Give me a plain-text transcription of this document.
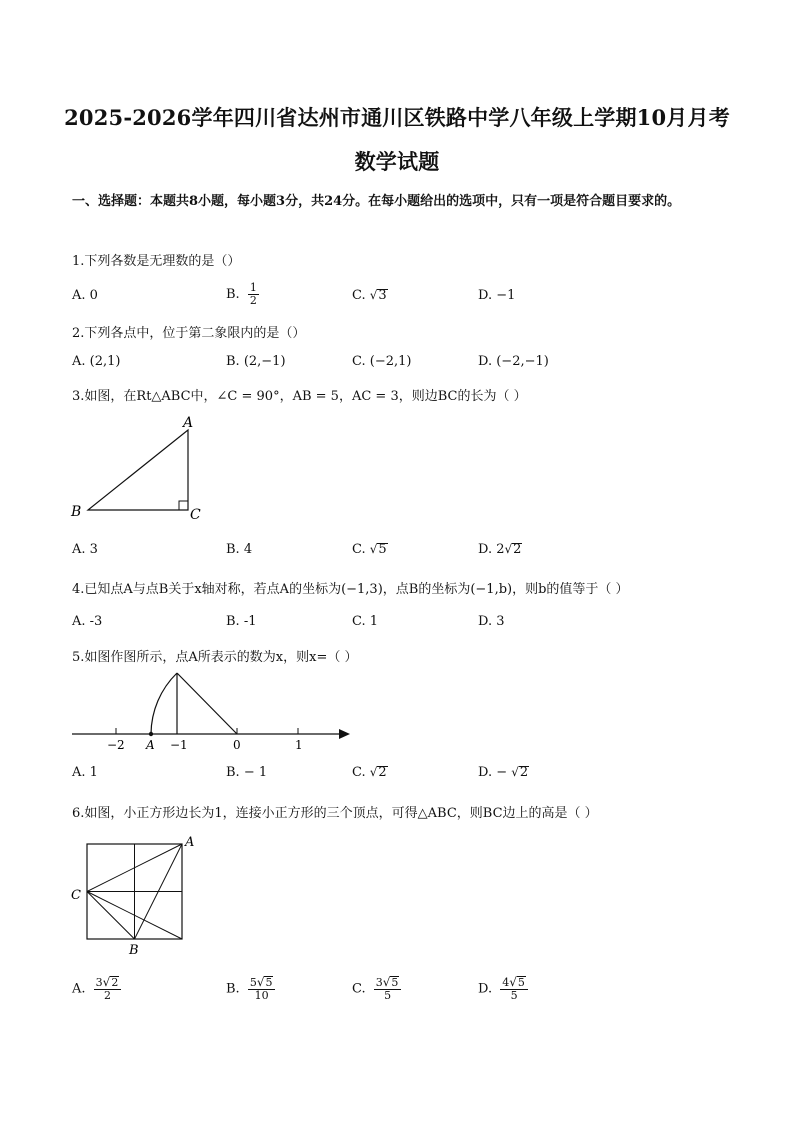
2025-2026学年四川省达州市通川区铁路中学八年级上学期10月月考
数学试题
一、选择题：本题共8小题，每小题3分，共24分。在每小题给出的选项中，只有一项是符合题目要求的。
1.下列各数是无理数的是（）
A. 0	B. $\frac{1}{2}$	C. √3	D. −1
2.下列各点中，位于第二象限内的是（）
A. (2,1)	B. (2,−1)	C. (−2,1)	D. (−2,−1)
3.如图，在Rt△ABC中，∠C = 90°，AB = 5，AC = 3，则边BC的长为（ ）
A
B	C
A. 3	B. 4	C. √5	D. 2√2
4.已知点A与点B关于x轴对称，若点A的坐标为(−1,3)，点B的坐标为(−1,b)，则b的值等于（ ）
A. -3	B. -1	C. 1	D. 3
5.如图作图所示，点A所表示的数为x，则x=（ ）
−2 A −1	0	1
A. 1	B. − 1	C. √2	D. − √2
6.如图，小正方形边长为1，连接小正方形的三个顶点，可得△ABC，则BC边上的高是（ ）
A
C
B
A. $\frac{3√2}{2}$	B. $\frac{5√5}{10}$	C. $\frac{3√5}{5}$	D. $\frac{4√5}{5}$
